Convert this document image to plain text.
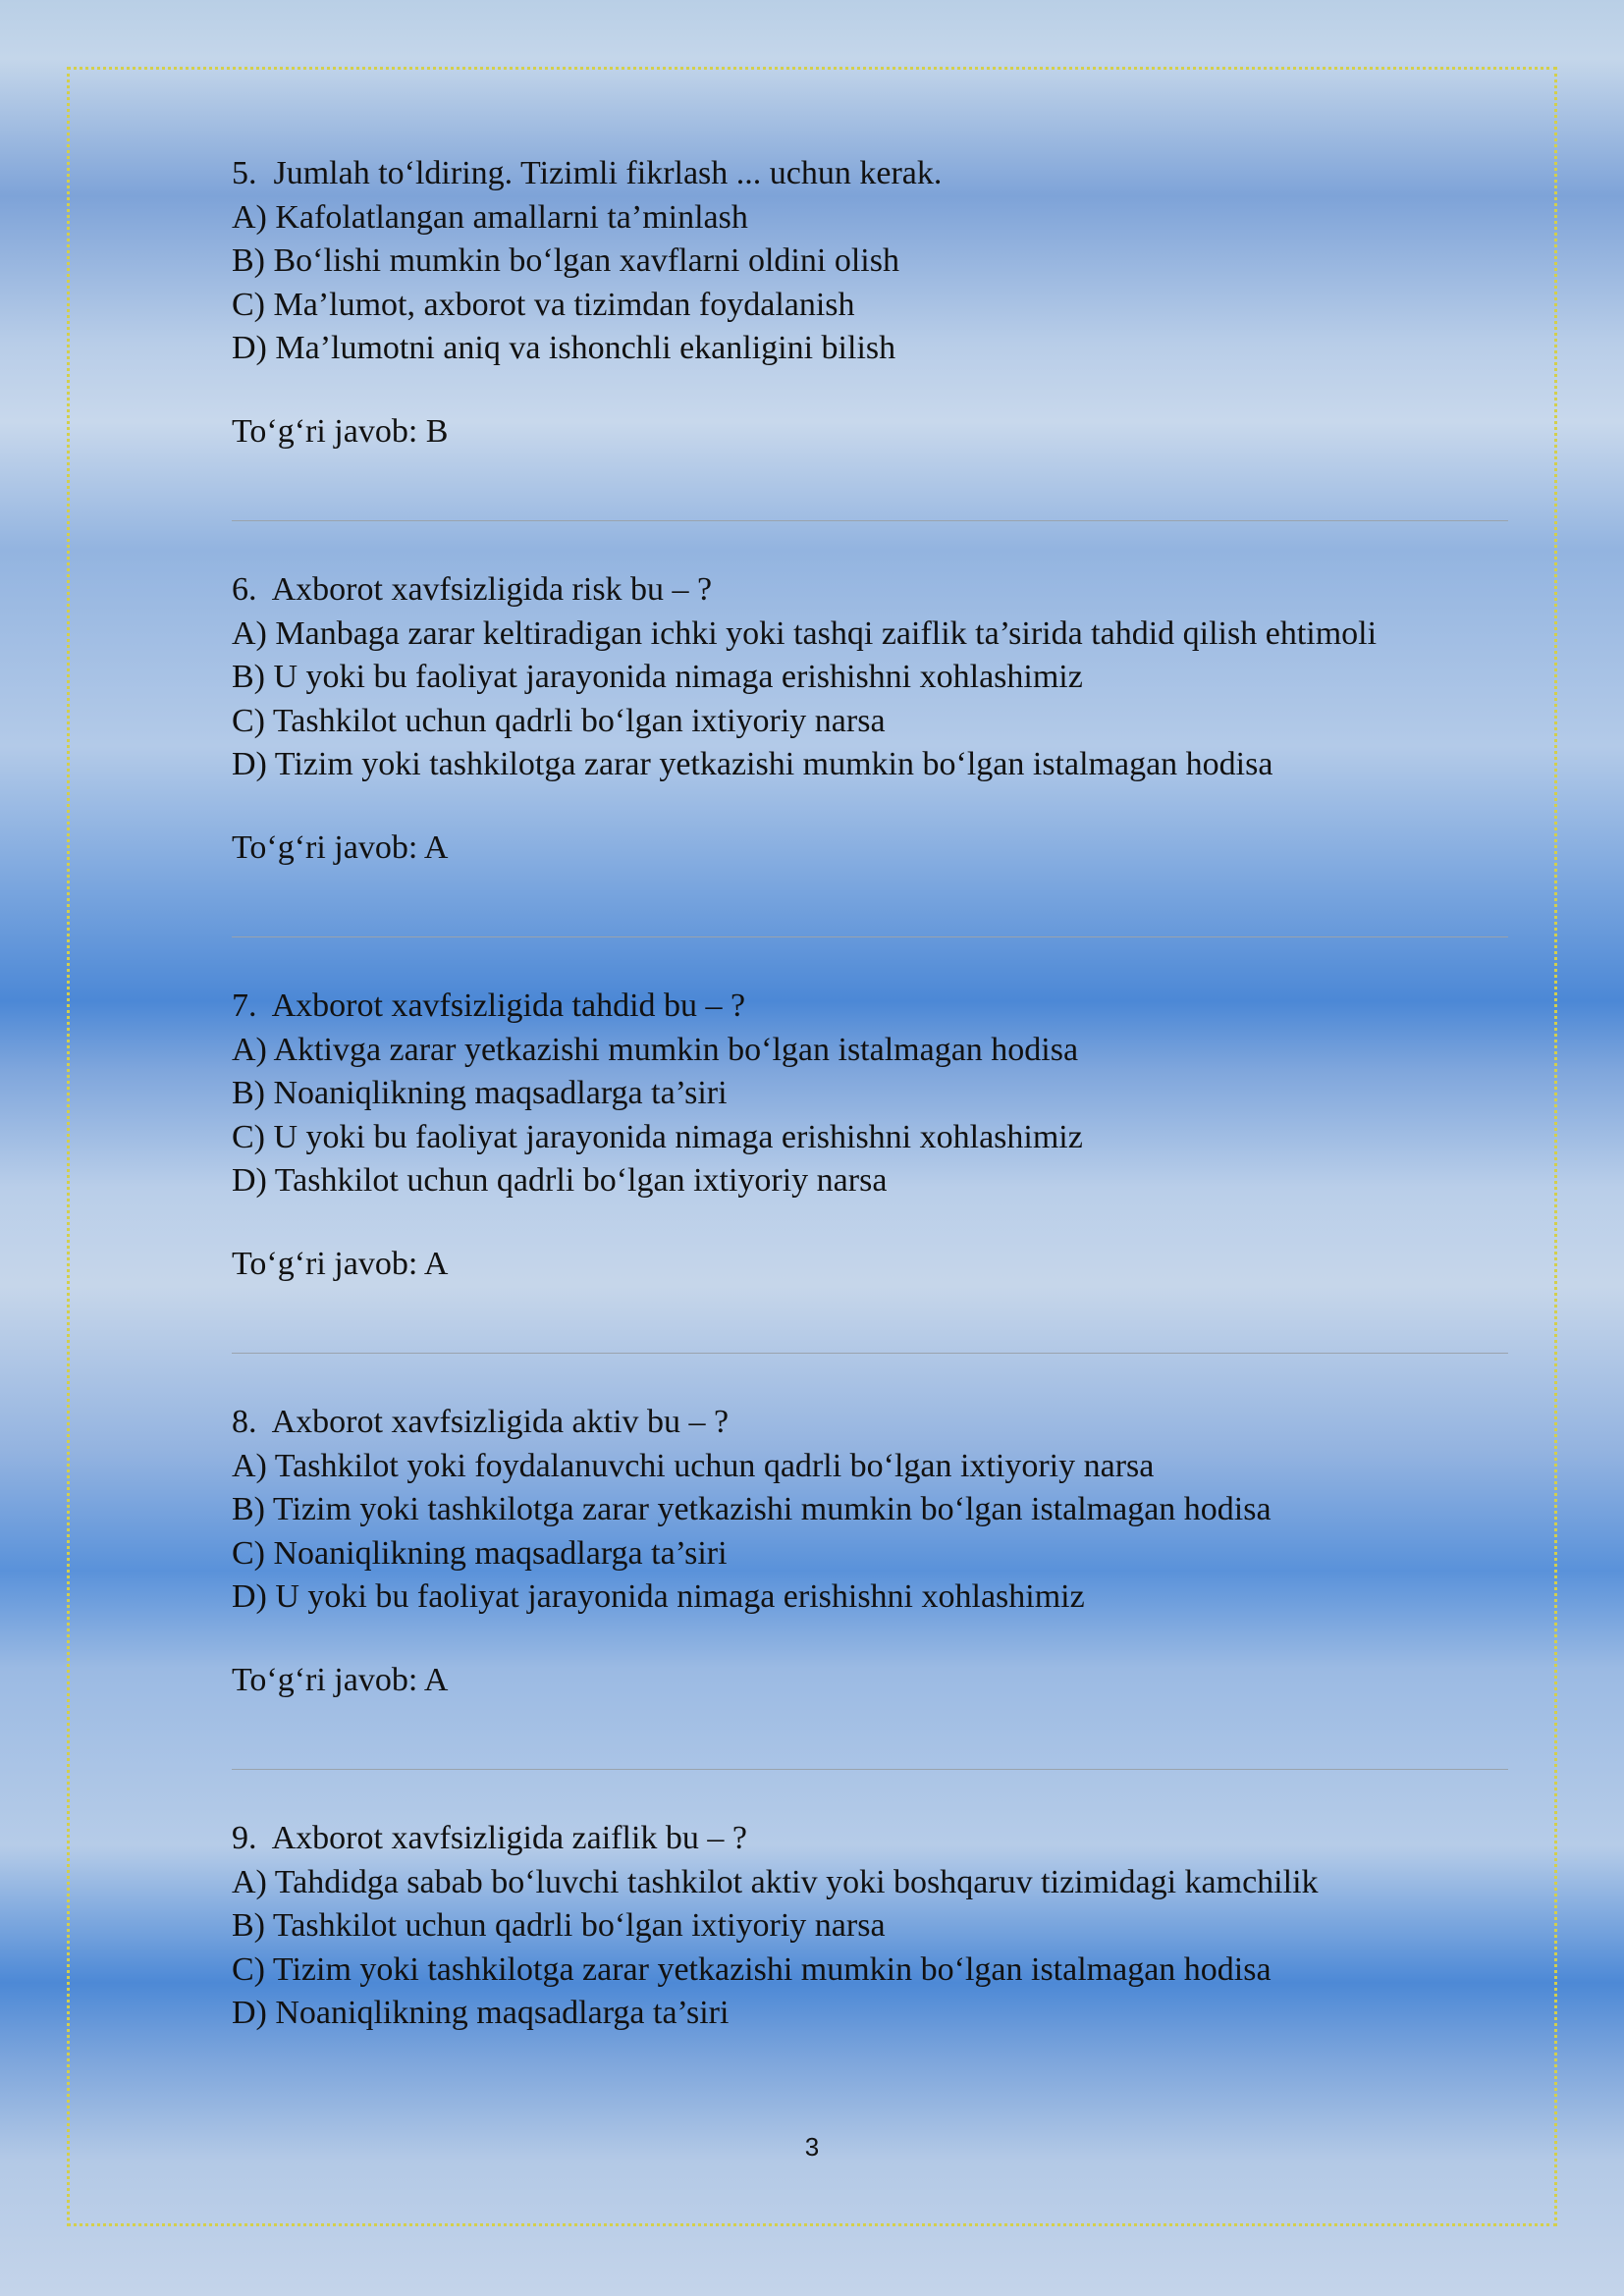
5. Jumlah to‘ldiring. Tizimli fikrlash ... uchun kerak.

A) Kafolatlangan amallarni ta’minlash

B) Bo‘lishi mumkin bo‘lgan xavflarni oldini olish

C) Ma’lumot, axborot va tizimdan foydalanish

D) Ma’lumotni aniq va ishonchli ekanligini bilish

To‘g‘ri javob: B

6. Axborot xavfsizligida risk bu – ?

A) Manbaga zarar keltiradigan ichki yoki tashqi zaiflik ta’sirida tahdid qilish ehtimoli

B) U yoki bu faoliyat jarayonida nimaga erishishni xohlashimiz

C) Tashkilot uchun qadrli bo‘lgan ixtiyoriy narsa

D) Tizim yoki tashkilotga zarar yetkazishi mumkin bo‘lgan istalmagan hodisa

To‘g‘ri javob: A

7. Axborot xavfsizligida tahdid bu – ?

A) Aktivga zarar yetkazishi mumkin bo‘lgan istalmagan hodisa

B) Noaniqlikning maqsadlarga ta’siri

C) U yoki bu faoliyat jarayonida nimaga erishishni xohlashimiz

D) Tashkilot uchun qadrli bo‘lgan ixtiyoriy narsa

To‘g‘ri javob: A

8. Axborot xavfsizligida aktiv bu – ?

A) Tashkilot yoki foydalanuvchi uchun qadrli bo‘lgan ixtiyoriy narsa

B) Tizim yoki tashkilotga zarar yetkazishi mumkin bo‘lgan istalmagan hodisa

C) Noaniqlikning maqsadlarga ta’siri

D) U yoki bu faoliyat jarayonida nimaga erishishni xohlashimiz

To‘g‘ri javob: A

9. Axborot xavfsizligida zaiflik bu – ?

A) Tahdidga sabab bo‘luvchi tashkilot aktiv yoki boshqaruv tizimidagi kamchilik

B) Tashkilot uchun qadrli bo‘lgan ixtiyoriy narsa

C) Tizim yoki tashkilotga zarar yetkazishi mumkin bo‘lgan istalmagan hodisa

D) Noaniqlikning maqsadlarga ta’siri

3
